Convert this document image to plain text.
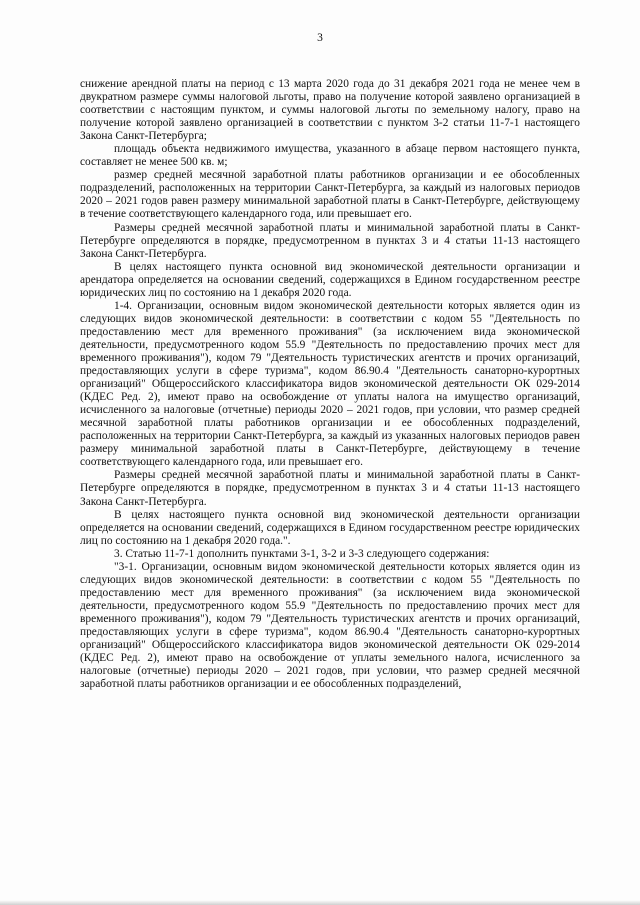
3

снижение арендной платы на период с 13 марта 2020 года до 31 декабря 2021 года не менее чем в двукратном размере суммы налоговой льготы, право на получение которой заявлено организацией в соответствии с настоящим пунктом, и суммы налоговой льготы по земельному налогу, право на получение которой заявлено организацией в соответствии с пунктом 3-2 статьи 11-7-1 настоящего Закона Санкт-Петербурга;

площадь объекта недвижимого имущества, указанного в абзаце первом настоящего пункта, составляет не менее 500 кв. м;

размер средней месячной заработной платы работников организации и ее обособленных подразделений, расположенных на территории Санкт-Петербурга, за каждый из налоговых периодов 2020 – 2021 годов равен размеру минимальной заработной платы в Санкт-Петербурге, действующему в течение соответствующего календарного года, или превышает его.

Размеры средней месячной заработной платы и минимальной заработной платы в Санкт-Петербурге определяются в порядке, предусмотренном в пунктах 3 и 4 статьи 11-13 настоящего Закона Санкт-Петербурга.

В целях настоящего пункта основной вид экономической деятельности организации и арендатора определяется на основании сведений, содержащихся в Едином государственном реестре юридических лиц по состоянию на 1 декабря 2020 года.

1-4. Организации, основным видом экономической деятельности которых является один из следующих видов экономической деятельности: в соответствии с кодом 55 "Деятельность по предоставлению мест для временного проживания" (за исключением вида экономической деятельности, предусмотренного кодом 55.9 "Деятельность по предоставлению прочих мест для временного проживания"), кодом 79 "Деятельность туристических агентств и прочих организаций, предоставляющих услуги в сфере туризма", кодом 86.90.4 "Деятельность санаторно-курортных организаций" Общероссийского классификатора видов экономической деятельности ОК 029-2014 (КДЕС Ред. 2), имеют право на освобождение от уплаты налога на имущество организаций, исчисленного за налоговые (отчетные) периоды 2020 – 2021 годов, при условии, что размер средней месячной заработной платы работников организации и ее обособленных подразделений, расположенных на территории Санкт-Петербурга, за каждый из указанных налоговых периодов равен размеру минимальной заработной платы в Санкт-Петербурге, действующему в течение соответствующего календарного года, или превышает его.

Размеры средней месячной заработной платы и минимальной заработной платы в Санкт-Петербурге определяются в порядке, предусмотренном в пунктах 3 и 4 статьи 11-13 настоящего Закона Санкт-Петербурга.

В целях настоящего пункта основной вид экономической деятельности организации определяется на основании сведений, содержащихся в Едином государственном реестре юридических лиц по состоянию на 1 декабря 2020 года.".

3. Статью 11-7-1 дополнить пунктами 3-1, 3-2 и 3-3 следующего содержания:

"3-1. Организации, основным видом экономической деятельности которых является один из следующих видов экономической деятельности: в соответствии с кодом 55 "Деятельность по предоставлению мест для временного проживания" (за исключением вида экономической деятельности, предусмотренного кодом 55.9 "Деятельность по предоставлению прочих мест для временного проживания"), кодом 79 "Деятельность туристических агентств и прочих организаций, предоставляющих услуги в сфере туризма", кодом 86.90.4 "Деятельность санаторно-курортных организаций" Общероссийского классификатора видов экономической деятельности ОК 029-2014 (КДЕС Ред. 2), имеют право на освобождение от уплаты земельного налога, исчисленного за налоговые (отчетные) периоды 2020 – 2021 годов, при условии, что размер средней месячной заработной платы работников организации и ее обособленных подразделений,
